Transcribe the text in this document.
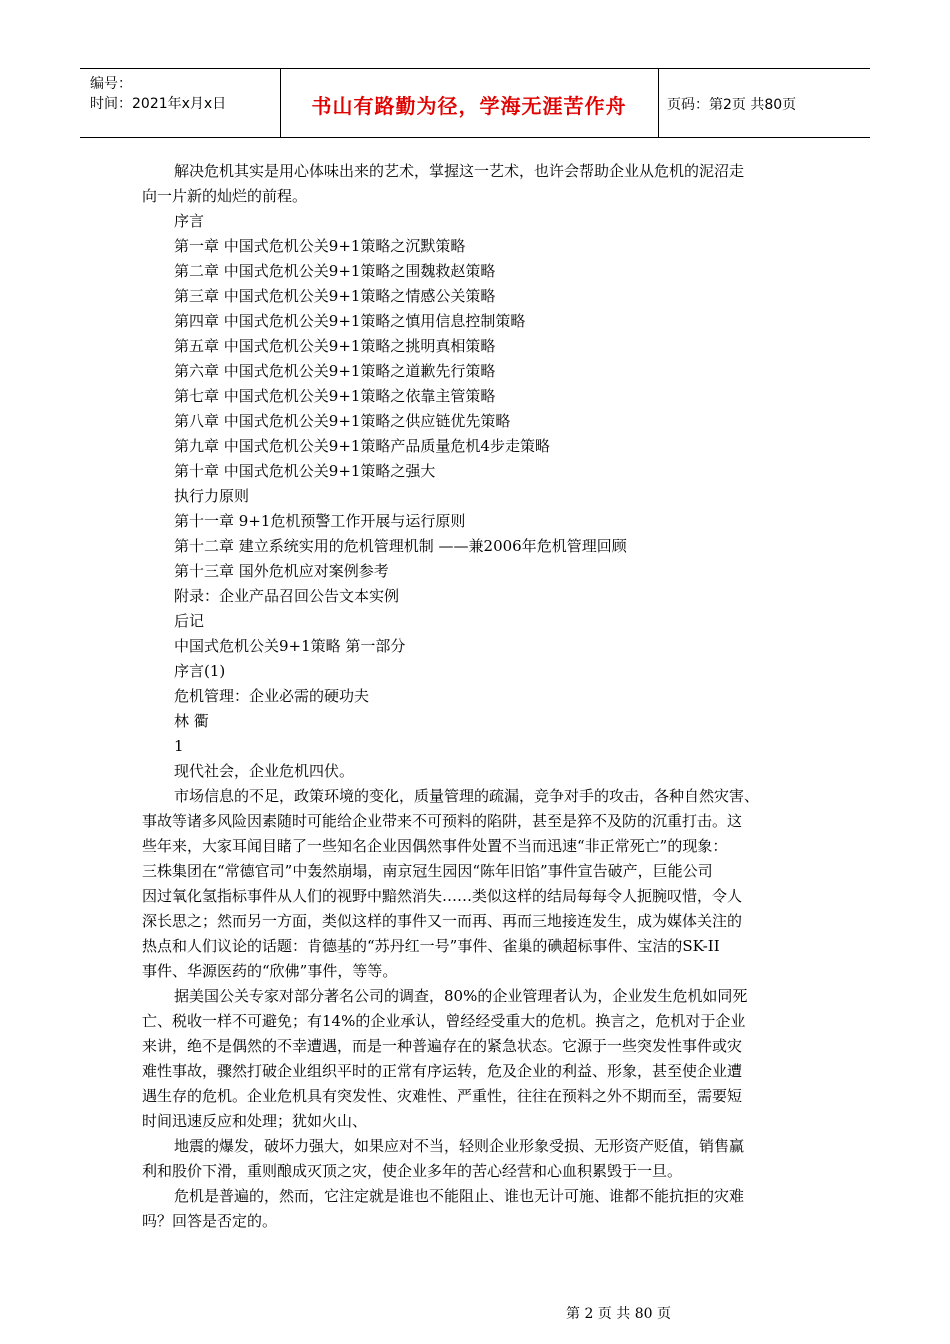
编号：
时间：2021年x月x日	书山有路勤为径，学海无涯苦作舟	页码：第2页 共80页
解决危机其实是用心体味出来的艺术，掌握这一艺术，也许会帮助企业从危机的泥沼走
向一片新的灿烂的前程。
序言
第一章 中国式危机公关9+1策略之沉默策略
第二章 中国式危机公关9+1策略之围魏救赵策略
第三章 中国式危机公关9+1策略之情感公关策略
第四章 中国式危机公关9+1策略之慎用信息控制策略
第五章 中国式危机公关9+1策略之挑明真相策略
第六章 中国式危机公关9+1策略之道歉先行策略
第七章 中国式危机公关9+1策略之依靠主管策略
第八章 中国式危机公关9+1策略之供应链优先策略
第九章 中国式危机公关9+1策略产品质量危机4步走策略
第十章 中国式危机公关9+1策略之强大
执行力原则
第十一章 9+1危机预警工作开展与运行原则
第十二章 建立系统实用的危机管理机制 ——兼2006年危机管理回顾
第十三章 国外危机应对案例参考
附录：企业产品召回公告文本实例
后记
中国式危机公关9+1策略 第一部分
序言(1)
危机管理：企业必需的硬功夫
林 衢
1
现代社会，企业危机四伏。
市场信息的不足，政策环境的变化，质量管理的疏漏，竞争对手的攻击，各种自然灾害、
事故等诸多风险因素随时可能给企业带来不可预料的陷阱，甚至是猝不及防的沉重打击。这
些年来，大家耳闻目睹了一些知名企业因偶然事件处置不当而迅速“非正常死亡”的现象：
三株集团在“常德官司”中轰然崩塌，南京冠生园因“陈年旧馅”事件宣告破产，巨能公司
因过氧化氢指标事件从人们的视野中黯然消失……类似这样的结局每每令人扼腕叹惜，令人
深长思之；然而另一方面，类似这样的事件又一而再、再而三地接连发生，成为媒体关注的
热点和人们议论的话题：肯德基的“苏丹红一号”事件、雀巢的碘超标事件、宝洁的SK-II
事件、华源医药的“欣佛”事件，等等。
据美国公关专家对部分著名公司的调查，80%的企业管理者认为，企业发生危机如同死
亡、税收一样不可避免；有14%的企业承认，曾经经受重大的危机。换言之，危机对于企业
来讲，绝不是偶然的不幸遭遇，而是一种普遍存在的紧急状态。它源于一些突发性事件或灾
难性事故，骤然打破企业组织平时的正常有序运转，危及企业的利益、形象，甚至使企业遭
遇生存的危机。企业危机具有突发性、灾难性、严重性，往往在预料之外不期而至，需要短
时间迅速反应和处理；犹如火山、
地震的爆发，破坏力强大，如果应对不当，轻则企业形象受损、无形资产贬值，销售赢
利和股价下滑，重则酿成灭顶之灾，使企业多年的苦心经营和心血积累毁于一旦。
危机是普遍的，然而，它注定就是谁也不能阻止、谁也无计可施、谁都不能抗拒的灾难
吗？回答是否定的。
第 2 页 共 80 页
